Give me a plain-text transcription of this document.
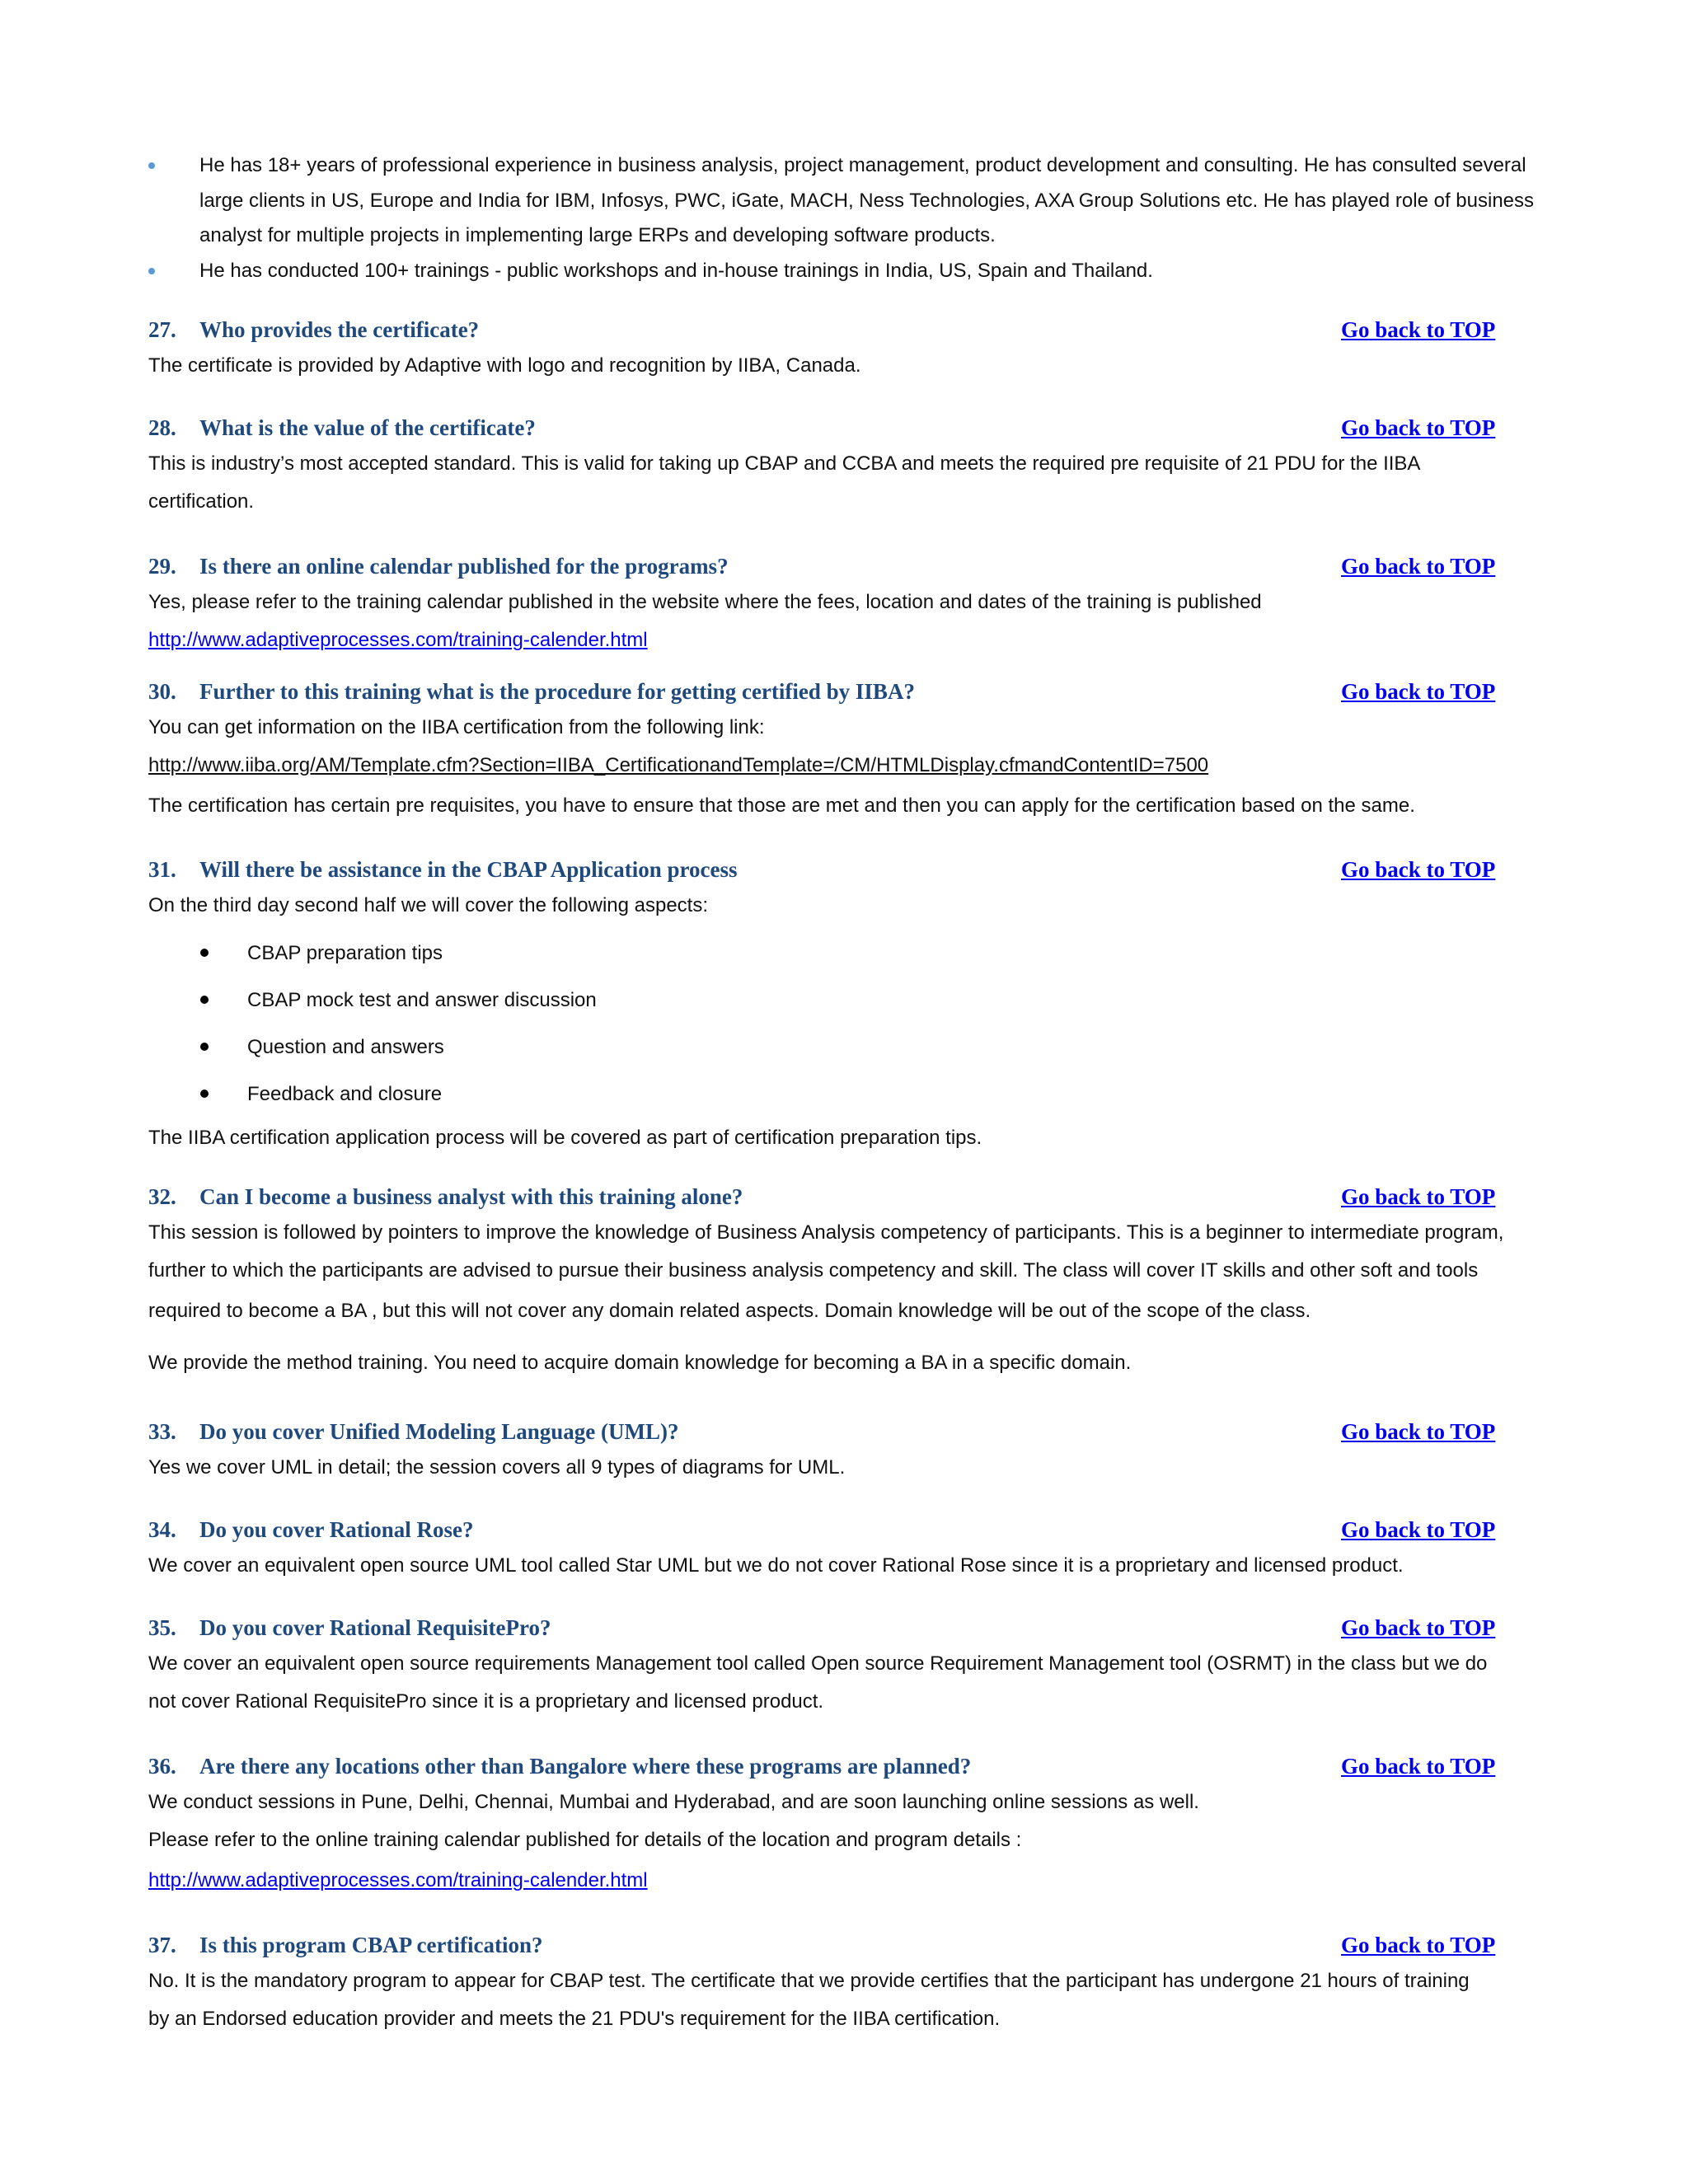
He has 18+ years of professional experience in business analysis, project management, product development and consulting. He has consulted several large clients in US, Europe and India for IBM, Infosys, PWC, iGate, MACH, Ness Technologies, AXA Group Solutions etc. He has played role of business analyst for multiple projects in implementing large ERPs and developing software products.
He has conducted 100+ trainings - public workshops and in-house trainings in India, US, Spain and Thailand.
27. Who provides the certificate?	Go back to TOP
The certificate is provided by Adaptive with logo and recognition by IIBA, Canada.
28. What is the value of the certificate?	Go back to TOP
This is industry’s most accepted standard. This is valid for taking up CBAP and CCBA and meets the required pre requisite of 21 PDU for the IIBA
certification.
29. Is there an online calendar published for the programs?	Go back to TOP
Yes, please refer to the training calendar published in the website where the fees, location and dates of the training is published
http://www.adaptiveprocesses.com/training-calender.html
30. Further to this training what is the procedure for getting certified by IIBA?	Go back to TOP
You can get information on the IIBA certification from the following link:
http://www.iiba.org/AM/Template.cfm?Section=IIBA_CertificationandTemplate=/CM/HTMLDisplay.cfmandContentID=7500
The certification has certain pre requisites, you have to ensure that those are met and then you can apply for the certification based on the same.
31. Will there be assistance in the CBAP Application process	Go back to TOP
On the third day second half we will cover the following aspects:
CBAP preparation tips
CBAP mock test and answer discussion
Question and answers
Feedback and closure
The IIBA certification application process will be covered as part of certification preparation tips.
32. Can I become a business analyst with this training alone?	Go back to TOP
This session is followed by pointers to improve the knowledge of Business Analysis competency of participants. This is a beginner to intermediate program,
further to which the participants are advised to pursue their business analysis competency and skill. The class will cover IT skills and other soft and tools
required to become a BA , but this will not cover any domain related aspects. Domain knowledge will be out of the scope of the class.
We provide the method training. You need to acquire domain knowledge for becoming a BA in a specific domain.
33. Do you cover Unified Modeling Language (UML)?	Go back to TOP
Yes we cover UML in detail; the session covers all 9 types of diagrams for UML.
34. Do you cover Rational Rose?	Go back to TOP
We cover an equivalent open source UML tool called Star UML but we do not cover Rational Rose since it is a proprietary and licensed product.
35. Do you cover Rational RequisitePro?	Go back to TOP
We cover an equivalent open source requirements Management tool called Open source Requirement Management tool (OSRMT) in the class but we do
not cover Rational RequisitePro since it is a proprietary and licensed product.
36. Are there any locations other than Bangalore where these programs are planned?	Go back to TOP
We conduct sessions in Pune, Delhi, Chennai, Mumbai and Hyderabad, and are soon launching online sessions as well.
Please refer to the online training calendar published for details of the location and program details :
http://www.adaptiveprocesses.com/training-calender.html
37. Is this program CBAP certification?	Go back to TOP
No. It is the mandatory program to appear for CBAP test. The certificate that we provide certifies that the participant has undergone 21 hours of training
by an Endorsed education provider and meets the 21 PDU's requirement for the IIBA certification.
